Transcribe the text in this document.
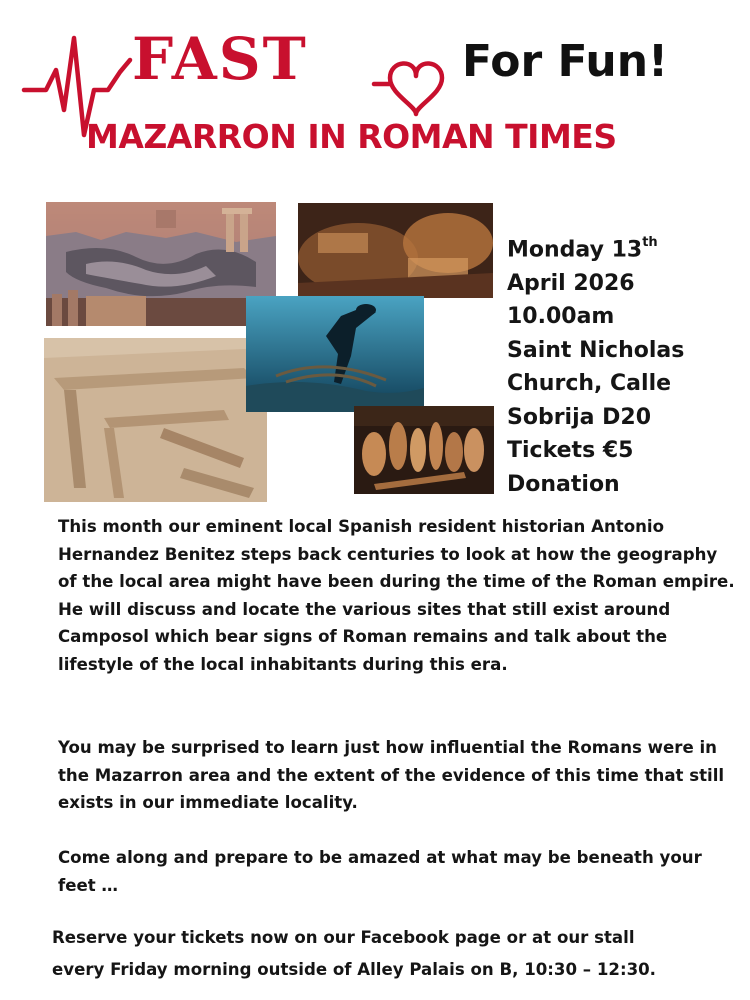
FAST	For Fun!
MAZARRON IN ROMAN TIMES
Monday 13th
April 2026
10.00am
Saint Nicholas
Church, Calle
Sobrija D20
Tickets €5
Donation

This month our eminent local Spanish resident historian Antonio Hernandez Benitez steps back centuries to look at how the geography of the local area might have been during the time of the Roman empire. He will discuss and locate the various sites that still exist around Camposol which bear signs of Roman remains and talk about the lifestyle of the local inhabitants during this era.

You may be surprised to learn just how influential the Romans were in the Mazarron area and the extent of the evidence of this time that still exists in our immediate locality.

Come along and prepare to be amazed at what may be beneath your feet …

Reserve your tickets now on our Facebook page or at our stall

every Friday morning outside of Alley Palais on B, 10:30 – 12:30.
